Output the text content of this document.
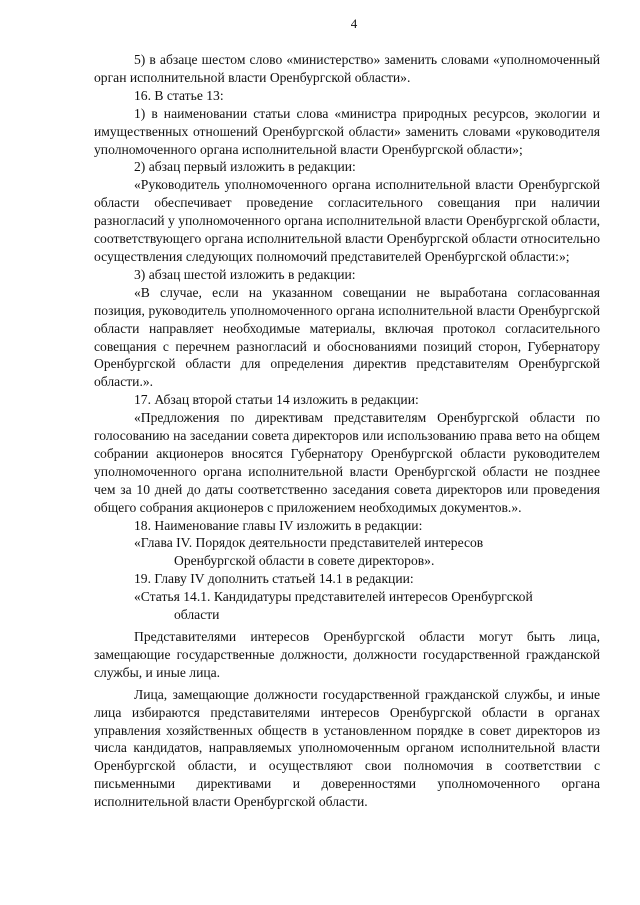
4

5) в абзаце шестом слово «министерство» заменить словами «уполномоченный орган исполнительной власти Оренбургской области».

16. В статье 13:

1) в наименовании статьи слова «министра природных ресурсов, экологии и имущественных отношений Оренбургской области» заменить словами «руководителя уполномоченного органа исполнительной власти Оренбургской области»;

2) абзац первый изложить в редакции:

«Руководитель уполномоченного органа исполнительной власти Оренбургской области обеспечивает проведение согласительного совещания при наличии разногласий у уполномоченного органа исполнительной власти Оренбургской области, соответствующего органа исполнительной власти Оренбургской области относительно осуществления следующих полномочий представителей Оренбургской области:»;

3) абзац шестой изложить в редакции:

«В случае, если на указанном совещании не выработана согласованная позиция, руководитель уполномоченного органа исполнительной власти Оренбургской области направляет необходимые материалы, включая протокол согласительного совещания с перечнем разногласий и обоснованиями позиций сторон, Губернатору Оренбургской области для определения директив представителям Оренбургской области.».

17. Абзац второй статьи 14 изложить в редакции:

«Предложения по директивам представителям Оренбургской области по голосованию на заседании совета директоров или использованию права вето на общем собрании акционеров вносятся Губернатору Оренбургской области руководителем уполномоченного органа исполнительной власти Оренбургской области не позднее чем за 10 дней до даты соответственно заседания совета директоров или проведения общего собрания акционеров с приложением необходимых документов.».

18. Наименование главы IV изложить в редакции:

«Глава IV. Порядок деятельности представителей интересов

Оренбургской области в совете директоров».

19. Главу IV дополнить статьей 14.1 в редакции:

«Статья 14.1. Кандидатуры представителей интересов Оренбургской

области

Представителями интересов Оренбургской области могут быть лица, замещающие государственные должности, должности государственной гражданской службы, и иные лица.

Лица, замещающие должности государственной гражданской службы, и иные лица избираются представителями интересов Оренбургской области в органах управления хозяйственных обществ в установленном порядке в совет директоров из числа кандидатов, направляемых уполномоченным органом исполнительной власти Оренбургской области, и осуществляют свои полномочия в соответствии с письменными директивами и доверенностями уполномоченного органа исполнительной власти Оренбургской области.
